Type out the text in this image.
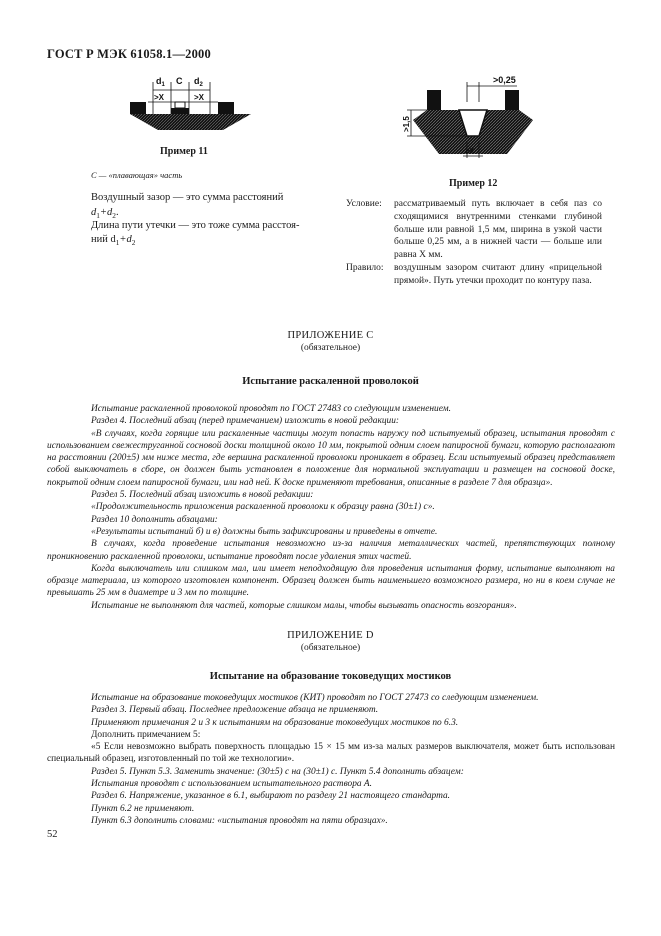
ГОСТ Р МЭК 61058.1—2000
$d_1$ C $d_2$
>X	>X
Пример 11
C — «плавающая» часть
Воздушный зазор — это сумма расстояний
$d_1+d_2$.
Длина пути утечки — это тоже сумма расстоя-
ний $d_1+d_2$
>0,25
>1,5
≥X
Пример 12
Условие: рассматриваемый путь включает в себя паз со сходящимися внутренними стенками глубиной больше или равной 1,5 мм, ширина в узкой части больше 0,25 мм, а в нижней части — больше или равна X мм.
Правило: воздушным зазором считают длину «прицельной прямой». Путь утечки проходит по контуру паза.
ПРИЛОЖЕНИЕ С
(обязательное)
Испытание раскаленной проволокой

Испытание раскаленной проволокой проводят по ГОСТ 27483 со следующим изменением.

Раздел 4. Последний абзац (перед примечанием) изложить в новой редакции:

«В случаях, когда горящие или раскаленные частицы могут попасть наружу под испытуемый образец, испытания проводят с использованием свежеструганной сосновой доски толщиной около 10 мм, покрытой одним слоем папиросной бумаги, которую располагают на расстоянии (200±5) мм ниже места, где вершина раскаленной проволоки проникает в образец. Если испытуемый образец представляет собой выключатель в сборе, он должен быть установлен в положение для нормальной эксплуатации и размещен на сосновой доске, покрытой одним слоем папиросной бумаги, или над ней. К доске применяют требования, описанные в разделе 7 для образца».

Раздел 5. Последний абзац изложить в новой редакции:

«Продолжительность приложения раскаленной проволоки к образцу равна (30±1) с».

Раздел 10 дополнить абзацами:

«Результаты испытаний б) и в) должны быть зафиксированы и приведены в отчете.

В случаях, когда проведение испытания невозможно из-за наличия металлических частей, препятствующих полному проникновению раскаленной проволоки, испытание проводят после удаления этих частей.

Когда выключатель или слишком мал, или имеет неподходящую для проведения испытания форму, испытание выполняют на образце материала, из которого изготовлен компонент. Образец должен быть наименьшего возможного размера, но ни в коем случае не превышать 25 мм в диаметре и 3 мм по толщине.

Испытание не выполняют для частей, которые слишком малы, чтобы вызывать опасность возгорания».

ПРИЛОЖЕНИЕ D
(обязательное)
Испытание на образование токоведущих мостиков

Испытание на образование токоведущих мостиков (КИТ) проводят по ГОСТ 27473 со следующим изменением.

Раздел 3. Первый абзац. Последнее предложение абзаца не применяют.

Применяют примечания 2 и 3 к испытаниям на образование токоведущих мостиков по 6.3.

Дополнить примечанием 5:

«5 Если невозможно выбрать поверхность площадью 15 × 15 мм из-за малых размеров выключателя, может быть использован специальный образец, изготовленный по той же технологии».

Раздел 5. Пункт 5.3. Заменить значение: (30±5) с на (30±1) с. Пункт 5.4 дополнить абзацем:

Испытания проводят с использованием испытательного раствора А.

Раздел 6. Напряжение, указанное в 6.1, выбирают по разделу 21 настоящего стандарта.

Пункт 6.2 не применяют.

Пункт 6.3 дополнить словами: «испытания проводят на пяти образцах».

52
